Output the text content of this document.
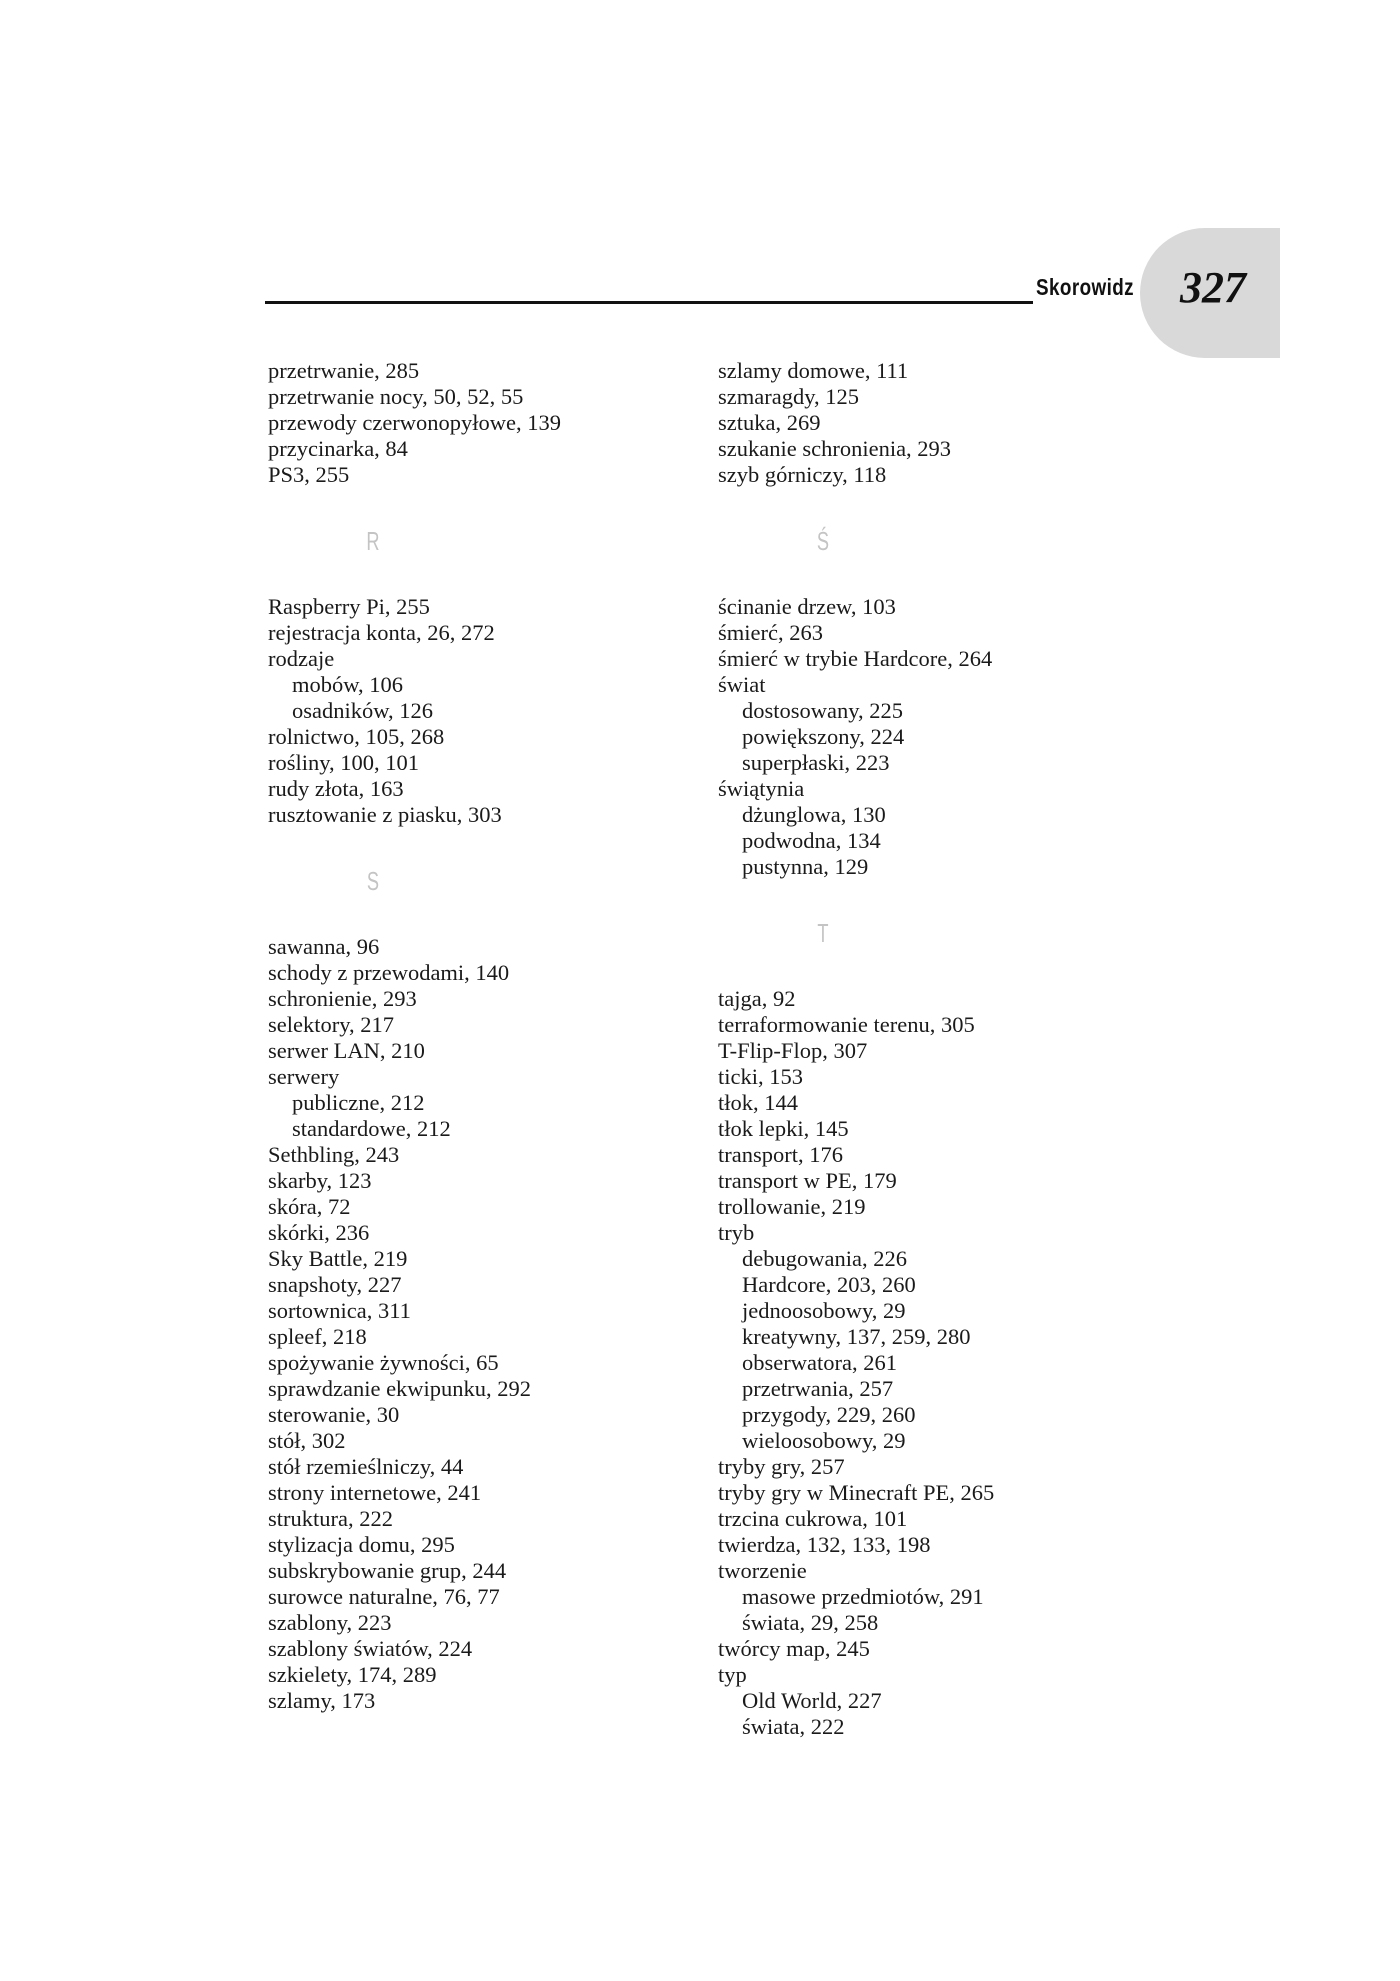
Skorowidz 327
przetrwanie, 285
przetrwanie nocy, 50, 52, 55
przewody czerwonopyłowe, 139
przycinarka, 84
PS3, 255
R
Raspberry Pi, 255
rejestracja konta, 26, 272
rodzaje
mobów, 106
osadników, 126
rolnictwo, 105, 268
rośliny, 100, 101
rudy złota, 163
rusztowanie z piasku, 303
S
sawanna, 96
schody z przewodami, 140
schronienie, 293
selektory, 217
serwer LAN, 210
serwery
publiczne, 212
standardowe, 212
Sethbling, 243
skarby, 123
skóra, 72
skórki, 236
Sky Battle, 219
snapshoty, 227
sortownica, 311
spleef, 218
spożywanie żywności, 65
sprawdzanie ekwipunku, 292
sterowanie, 30
stół, 302
stół rzemieślniczy, 44
strony internetowe, 241
struktura, 222
stylizacja domu, 295
subskrybowanie grup, 244
surowce naturalne, 76, 77
szablony, 223
szablony światów, 224
szkielety, 174, 289
szlamy, 173
szlamy domowe, 111
szmaragdy, 125
sztuka, 269
szukanie schronienia, 293
szyb górniczy, 118
Ś
ścinanie drzew, 103
śmierć, 263
śmierć w trybie Hardcore, 264
świat
dostosowany, 225
powiększony, 224
superpłaski, 223
świątynia
dżunglowa, 130
podwodna, 134
pustynna, 129
T
tajga, 92
terraformowanie terenu, 305
T-Flip-Flop, 307
ticki, 153
tłok, 144
tłok lepki, 145
transport, 176
transport w PE, 179
trollowanie, 219
tryb
debugowania, 226
Hardcore, 203, 260
jednoosobowy, 29
kreatywny, 137, 259, 280
obserwatora, 261
przetrwania, 257
przygody, 229, 260
wieloosobowy, 29
tryby gry, 257
tryby gry w Minecraft PE, 265
trzcina cukrowa, 101
twierdza, 132, 133, 198
tworzenie
masowe przedmiotów, 291
świata, 29, 258
twórcy map, 245
typ
Old World, 227
świata, 222
